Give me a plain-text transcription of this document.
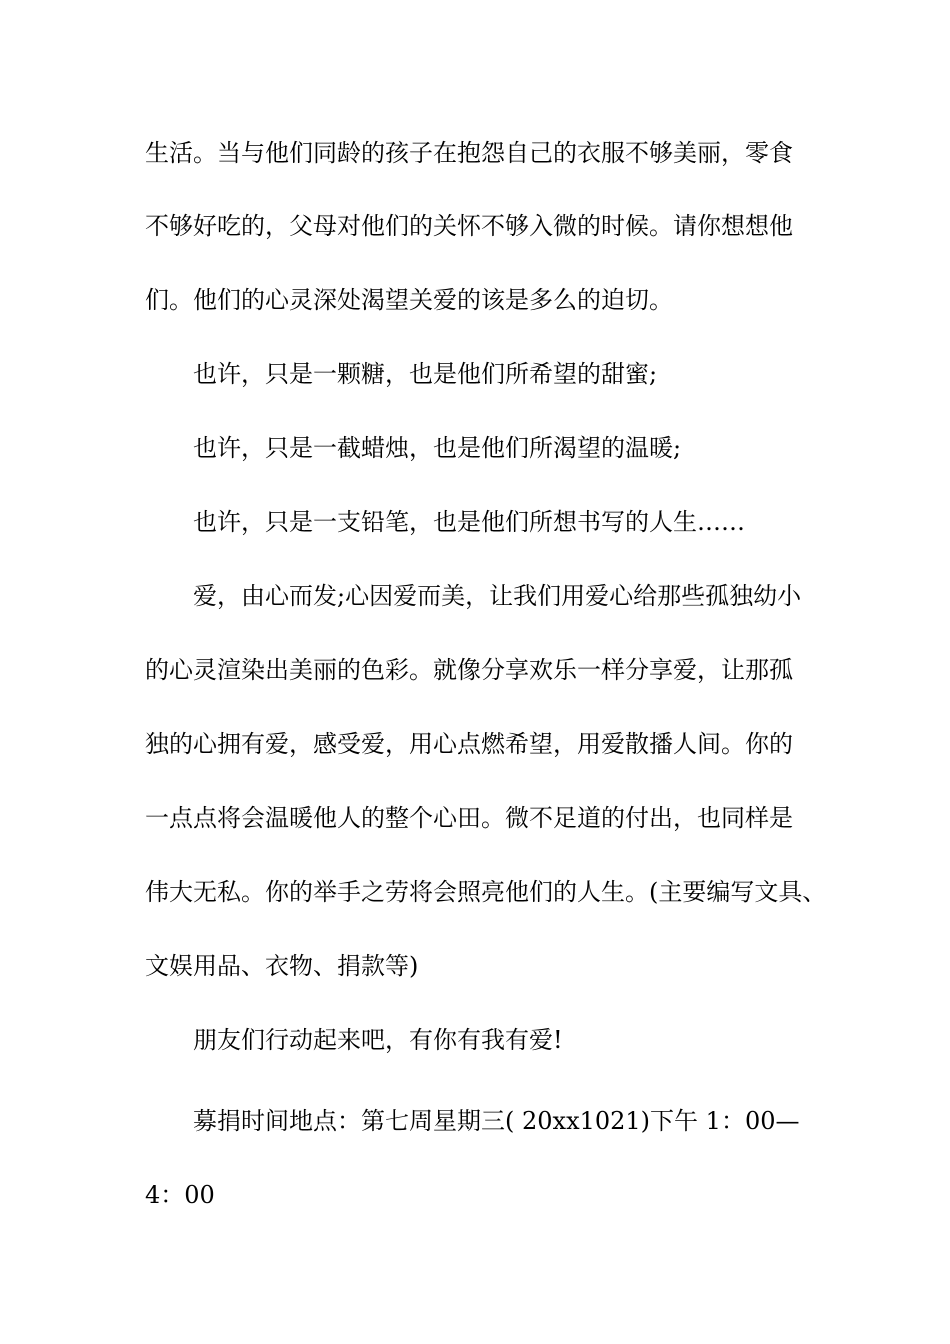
生活。当与他们同龄的孩子在抱怨自己的衣服不够美丽，零食
不够好吃的，父母对他们的关怀不够入微的时候。请你想想他
们。他们的心灵深处渴望关爱的该是多么的迫切。
也许，只是一颗糖，也是他们所希望的甜蜜;
也许，只是一截蜡烛，也是他们所渴望的温暖;
也许，只是一支铅笔，也是他们所想书写的人生……
爱，由心而发;心因爱而美，让我们用爱心给那些孤独幼小
的心灵渲染出美丽的色彩。就像分享欢乐一样分享爱，让那孤
独的心拥有爱，感受爱，用心点燃希望，用爱散播人间。你的
一点点将会温暖他人的整个心田。微不足道的付出，也同样是
伟大无私。你的举手之劳将会照亮他们的人生。(主要编写文具、
文娱用品、衣物、捐款等)
朋友们行动起来吧，有你有我有爱!
募捐时间地点：第七周星期三( 20xx1021)下午 1：00—
4：00
